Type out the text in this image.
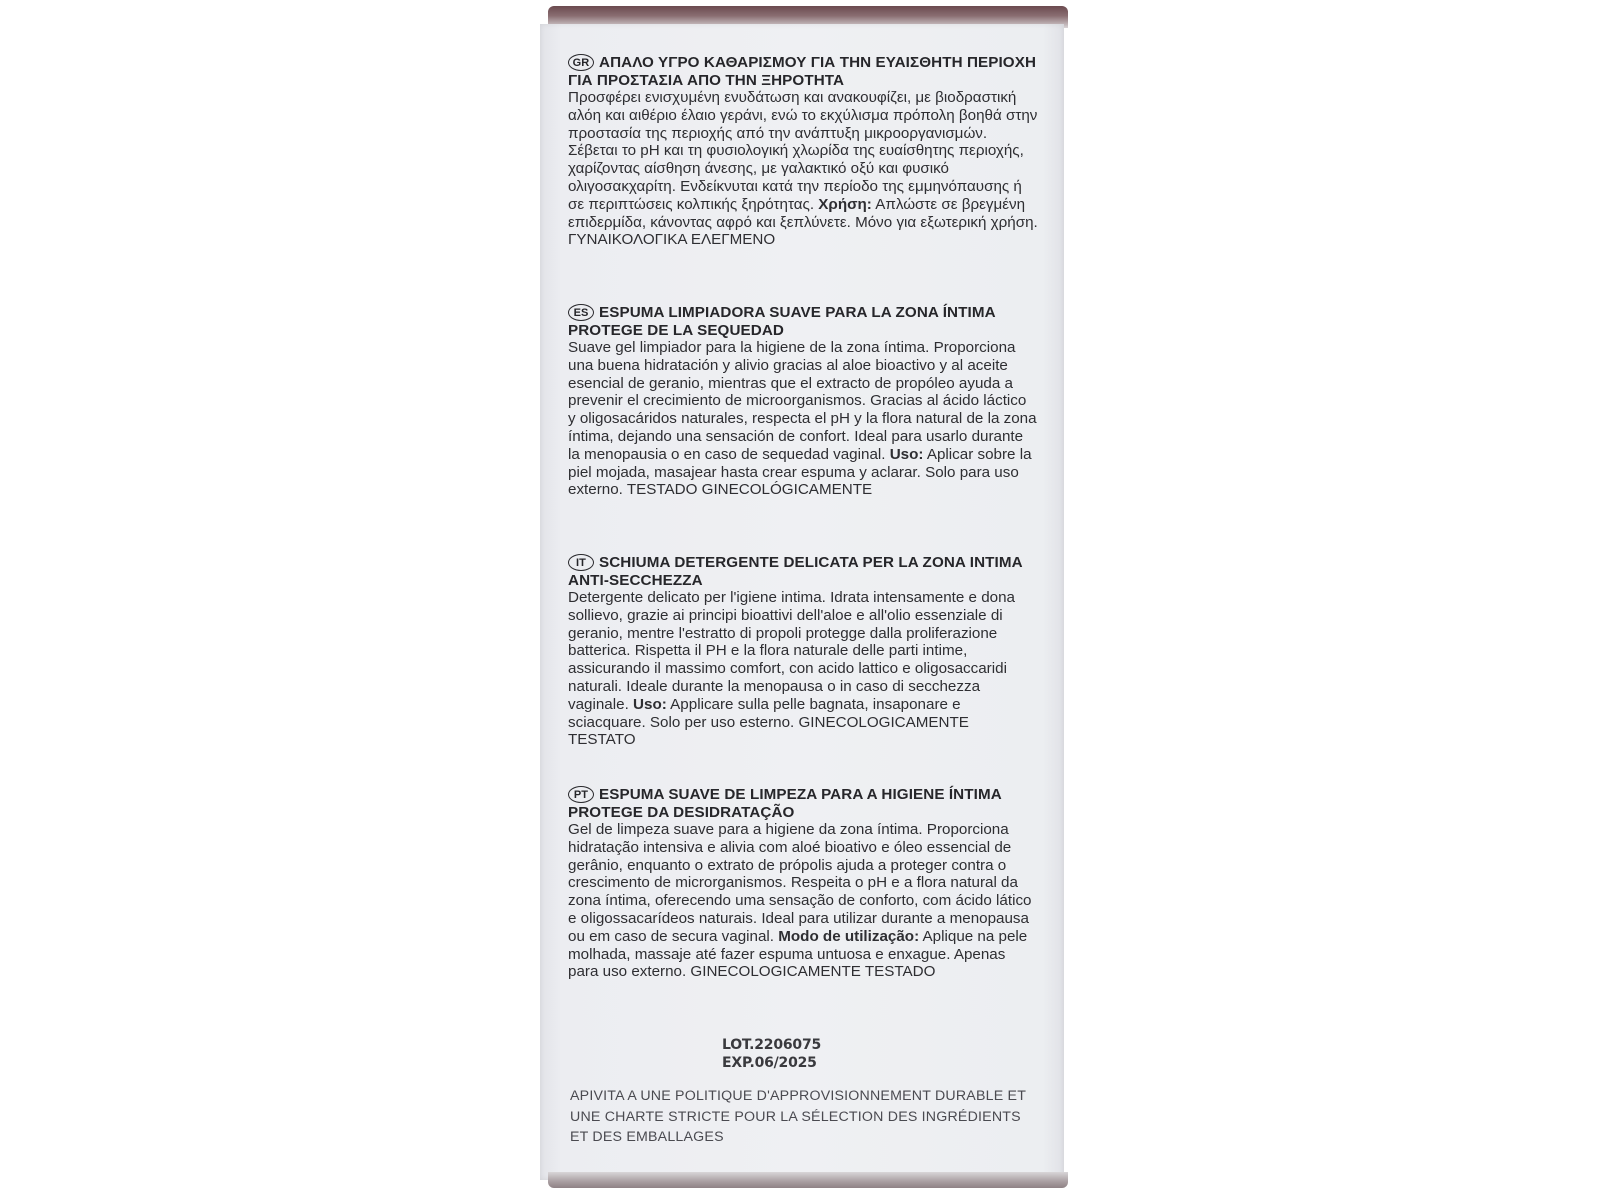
GR ΑΠΑΛΟ ΥΓΡΟ ΚΑΘΑΡΙΣΜΟΥ ΓΙΑ ΤΗΝ ΕΥΑΙΣΘΗΤΗ ΠΕΡΙΟΧΗ ΓΙΑ ΠΡΟΣΤΑΣΙΑ ΑΠΟ ΤΗΝ ΞΗΡΟΤΗΤΑ

Προσφέρει ενισχυμένη ενυδάτωση και ανακουφίζει, με βιοδραστική αλόη και αιθέριο έλαιο γεράνι, ενώ το εκχύλισμα πρόπολη βοηθά στην προστασία της περιοχής από την ανάπτυξη μικροοργανισμών. Σέβεται το pH και τη φυσιολογική χλωρίδα της ευαίσθητης περιοχής, χαρίζοντας αίσθηση άνεσης, με γαλακτικό οξύ και φυσικό ολιγοσακχαρίτη. Ενδείκνυται κατά την περίοδο της εμμηνόπαυσης ή σε περιπτώσεις κολπικής ξηρότητας. Χρήση: Απλώστε σε βρεγμένη επιδερμίδα, κάνοντας αφρό και ξεπλύνετε. Μόνο για εξωτερική χρήση. ΓΥΝΑΙΚΟΛΟΓΙΚΑ ΕΛΕΓΜΕΝΟ

ES ESPUMA LIMPIADORA SUAVE PARA LA ZONA ÍNTIMA PROTEGE DE LA SEQUEDAD

Suave gel limpiador para la higiene de la zona íntima. Proporciona una buena hidratación y alivio gracias al aloe bioactivo y al aceite esencial de geranio, mientras que el extracto de propóleo ayuda a prevenir el crecimiento de microorganismos. Gracias al ácido láctico y oligosacáridos naturales, respecta el pH y la flora natural de la zona íntima, dejando una sensación de confort. Ideal para usarlo durante la menopausia o en caso de sequedad vaginal. Uso: Aplicar sobre la piel mojada, masajear hasta crear espuma y aclarar. Solo para uso externo. TESTADO GINECOLÓGICAMENTE

IT SCHIUMA DETERGENTE DELICATA PER LA ZONA INTIMA ANTI-SECCHEZZA

Detergente delicato per l'igiene intima. Idrata intensamente e dona sollievo, grazie ai principi bioattivi dell'aloe e all'olio essenziale di geranio, mentre l'estratto di propoli protegge dalla proliferazione batterica. Rispetta il PH e la flora naturale delle parti intime, assicurando il massimo comfort, con acido lattico e oligosaccaridi naturali. Ideale durante la menopausa o in caso di secchezza vaginale. Uso: Applicare sulla pelle bagnata, insaponare e sciacquare. Solo per uso esterno. GINECOLOGICAMENTE TESTATO

PT ESPUMA SUAVE DE LIMPEZA PARA A HIGIENE ÍNTIMA PROTEGE DA DESIDRATAÇÃO

Gel de limpeza suave para a higiene da zona íntima. Proporciona hidratação intensiva e alivia com aloé bioativo e óleo essencial de gerânio, enquanto o extrato de própolis ajuda a proteger contra o crescimento de microrganismos. Respeita o pH e a flora natural da zona íntima, oferecendo uma sensação de conforto, com ácido lático e oligossacarídeos naturais. Ideal para utilizar durante a menopausa ou em caso de secura vaginal. Modo de utilização: Aplique na pele molhada, massaje até fazer espuma untuosa e enxague. Apenas para uso externo. GINECOLOGICAMENTE TESTADO

LOT.2206075
EXP.06/2025

APIVITA A UNE POLITIQUE D'APPROVISIONNEMENT DURABLE ET UNE CHARTE STRICTE POUR LA SÉLECTION DES INGRÉDIENTS ET DES EMBALLAGES
